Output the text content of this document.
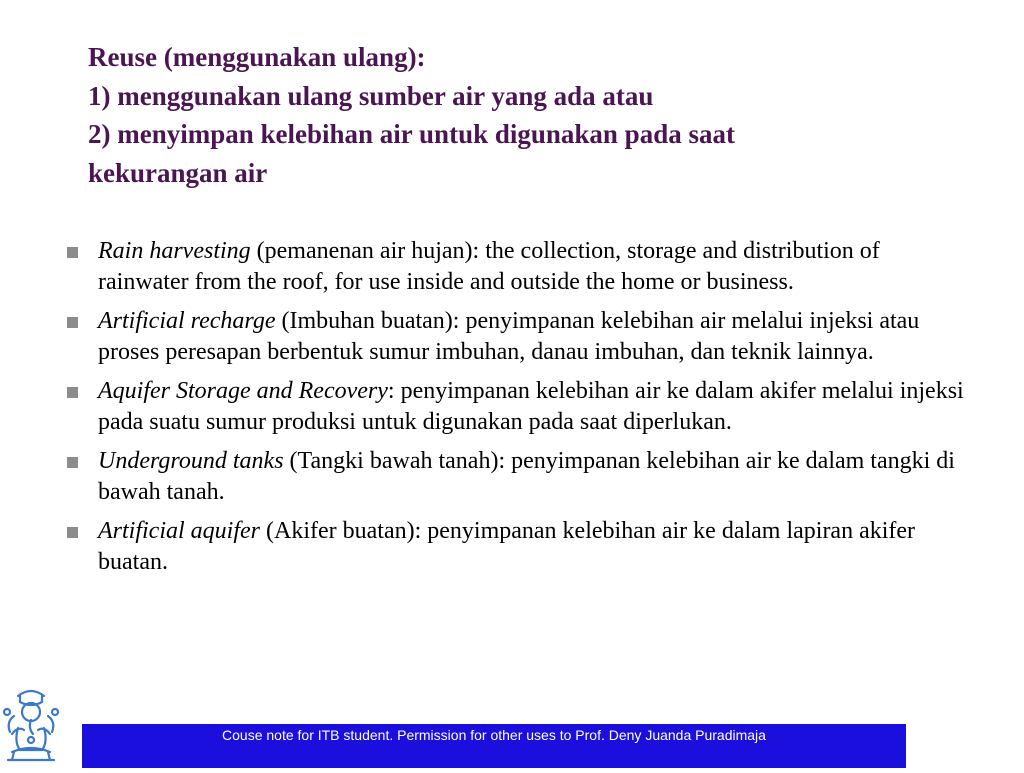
Reuse (menggunakan ulang):
1) menggunakan ulang sumber air yang ada atau
2) menyimpan kelebihan air untuk digunakan pada saat
kekurangan air
Rain harvesting (pemanenan air hujan): the collection, storage and distribution of rainwater from the roof, for use inside and outside the home or business.
Artificial recharge (Imbuhan buatan): penyimpanan kelebihan air melalui injeksi atau proses peresapan berbentuk sumur imbuhan, danau imbuhan, dan teknik lainnya.
Aquifer Storage and Recovery: penyimpanan kelebihan air ke dalam akifer melalui injeksi pada suatu sumur produksi untuk digunakan pada saat diperlukan.
Underground tanks (Tangki bawah tanah): penyimpanan kelebihan air ke dalam tangki di bawah tanah.
Artificial aquifer (Akifer buatan): penyimpanan kelebihan air ke dalam lapiran akifer buatan.
Couse note for ITB student. Permission for other uses to Prof. Deny Juanda Puradimaja
